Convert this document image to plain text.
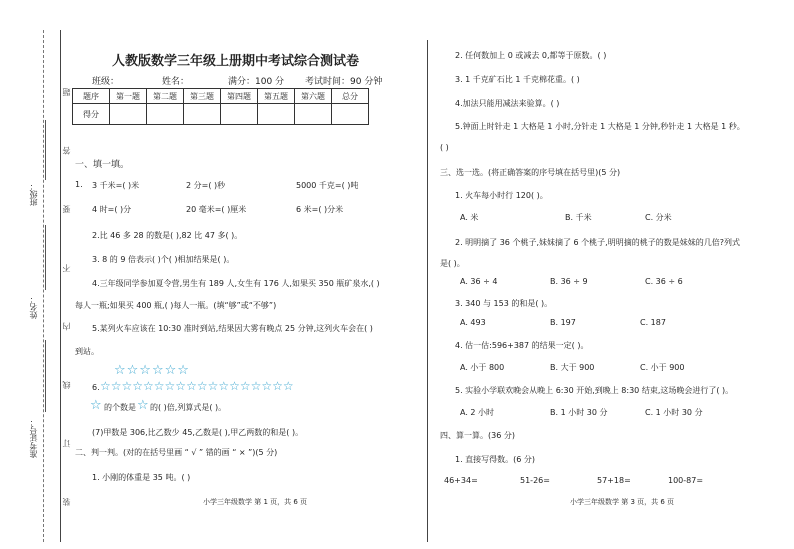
装 订 线 内 不 要 答 题
班级：
姓名：
准考证号：
人教版数学三年级上册期中考试综合测试卷
班级：	姓名：	满分：100 分 考试时间：90 分钟
题序	第一题	第二题	第三题	第四题	第五题	第六题	总分
得分							
一、填一填。
1. 3 千米=( )米	2 分=( )秒	5000 千克=( )吨
4 时=( )分	20 毫米=( )厘米	6 米=( )分米
2.比 46 多 28 的数是( ),82 比 47 多( )。
3. 8 的 9 倍表示( )个( )相加结果是( )。
4.三年级同学参加夏令营,男生有 189 人,女生有 176 人,如果买 350 瓶矿泉水,( )
每人一瓶;如果买 400 瓶,( )每人一瓶。(填“够”或“不够”)
5.某列火车应该在 10:30 准时到站,结果因大雾有晚点 25 分钟,这列火车会在( )
到站。
☆☆☆☆☆☆
6. ☆☆☆☆☆☆☆☆☆☆☆☆☆☆☆☆☆☆
☆ 的个数是 ☆ 的( )倍,列算式是( )。
(7)甲数是 306,比乙数少 45,乙数是( ),甲乙两数的和是( )。
二、判一判。(对的在括号里画 “ √ ” 错的画 “ × ”)(5 分)
1. 小刚的体重是 35 吨。( )
小学三年级数学 第 1 页，共 6 页
2. 任何数加上 0 或减去 0,都等于原数。( )
3. 1 千克矿石比 1 千克棉花重。( )
4.加法只能用减法来验算。( )
5.钟面上时针走 1 大格是 1 小时,分针走 1 大格是 1 分钟,秒针走 1 大格是 1 秒。
( )
三、选一选。(将正确答案的序号填在括号里)(5 分)
1. 火车每小时行 120( )。
A. 米	B. 千米	C. 分米
2. 明明摘了 36 个桃子,妹妹摘了 6 个桃子,明明摘的桃子的数是妹妹的几倍?列式
是( )。
A. 36 ÷ 4	B. 36 ÷ 9	C. 36 ÷ 6
3. 340 与 153 的和是( )。
A. 493	B. 197	C. 187
4. 估一估:596+387 的结果一定( )。
A. 小于 800	B. 大于 900	C. 小于 900
5. 实验小学联欢晚会从晚上 6:30 开始,到晚上 8:30 结束,这场晚会进行了( )。
A. 2 小时	B. 1 小时 30 分	C. 1 小时 30 分
四、算一算。(36 分)
1. 直接写得数。(6 分)
46+34=	51-26=	57+18=	100-87=
小学三年级数学 第 3 页，共 6 页
